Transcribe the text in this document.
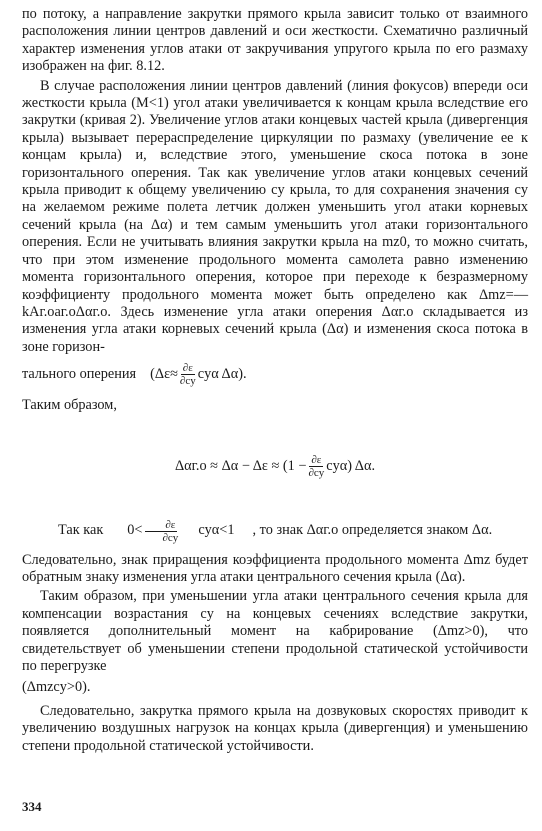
по потоку, а направление закрутки прямого крыла зависит только от взаимного расположения линии центров давлений и оси жесткости. Схематично различный характер изменения углов атаки от закручивания упругого крыла по его размаху изображен на фиг. 8.12.

В случае расположения линии центров давлений (линия фокусов) впереди оси жесткости крыла (M<1) угол атаки увеличивается к концам крыла вследствие его закрутки (кривая 2). Увеличение углов атаки концевых частей крыла (дивергенция крыла) вызывает перераспределение циркуляции по размаху (увеличение ее к концам крыла) и, вследствие этого, уменьшение скоса потока в зоне горизонтального оперения. Так как увеличение углов атаки концевых сечений крыла приводит к общему увеличению cy крыла, то для сохранения значения cy на желаемом режиме полета летчик должен уменьшить угол атаки корневых сечений крыла (на Δα) и тем самым уменьшить угол атаки горизонтального оперения. Если не учитывать влияния закрутки крыла на mz0, то можно считать, что при этом изменение продольного момента самолета равно изменению момента горизонтального оперения, которое при переходе к безразмерному коэффициенту продольного момента может быть определено как Δmz=—kAг.оaг.оΔαг.о. Здесь изменение угла атаки оперения Δαг.о складывается из изменения угла атаки корневых сечений крыла (Δα) и изменения скоса потока в зоне горизон-

тального оперения ($\Delta\varepsilon\approx \frac{\partial\varepsilon}{\partial cy}$ cyα Δα).

Таким образом,

$\Delta\alpha г.о \approx \Delta\alpha - \Delta\varepsilon \approx (1 - \frac{\partial\varepsilon}{\partial cy} cy\alpha)$ Δα.
Так как	$0< \frac{\partial\varepsilon}{\partial cy}$	cyα<1	, то знак Δαг.о определяется знаком Δα.

Следовательно, знак приращения коэффициента продольного момента Δmz будет обратным знаку изменения угла атаки центрального сечения крыла (Δα).

Таким образом, при уменьшении угла атаки центрального сечения крыла для компенсации возрастания cy на концевых сечениях вследствие закрутки, появляется дополнительный момент на кабрирование (Δmz>0), что свидетельствует об уменьшении степени продольной статической устойчивости по перегрузке

(Δmzcy>0).

Следовательно, закрутка прямого крыла на дозвуковых скоростях приводит к увеличению воздушных нагрузок на концах крыла (дивергенция) и уменьшению степени продольной статической устойчивости.

334
